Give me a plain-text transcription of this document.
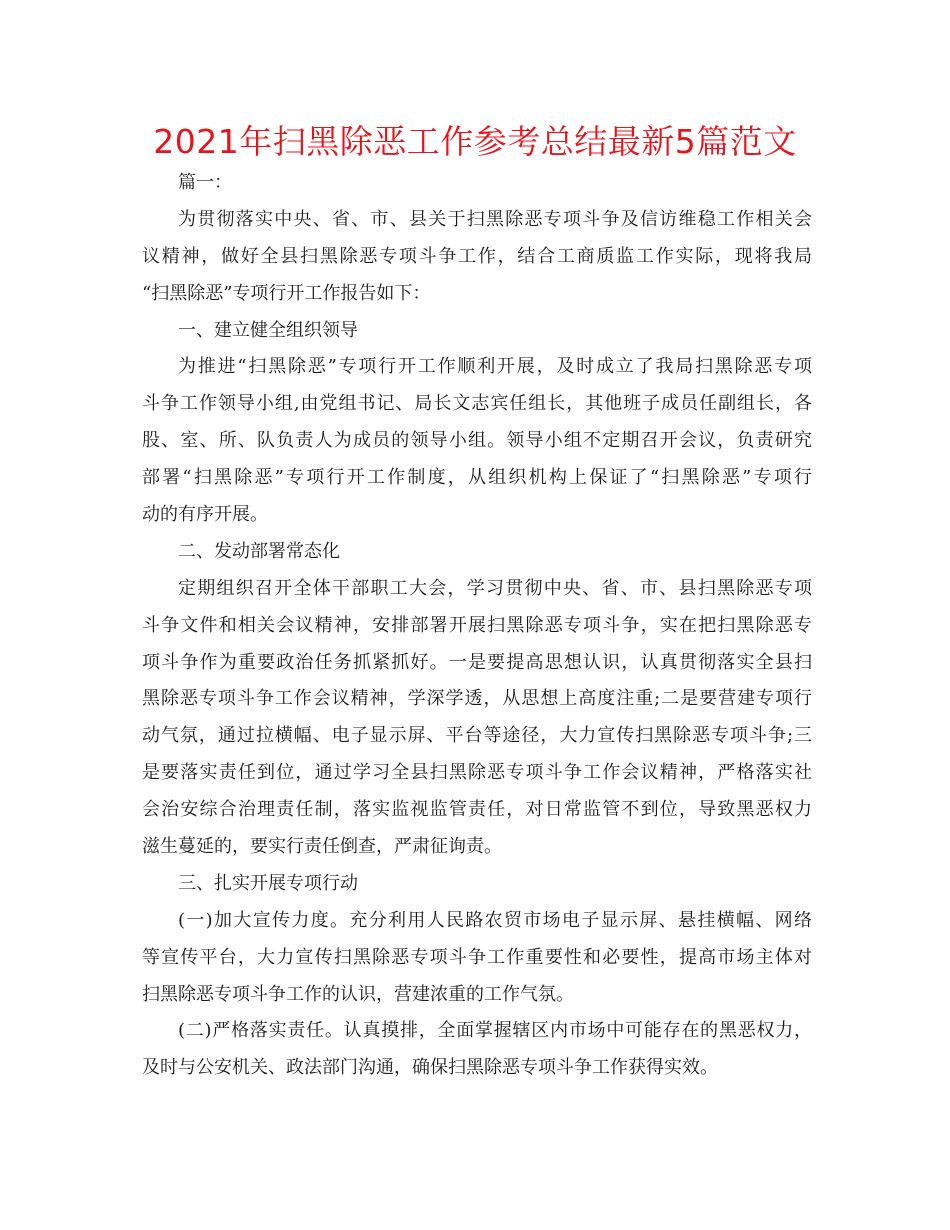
2021年扫黑除恶工作参考总结最新5篇范文
篇一：
为贯彻落实中央、省、市、县关于扫黑除恶专项斗争及信访维稳工作相关会
议精神，做好全县扫黑除恶专项斗争工作，结合工商质监工作实际，现将我局
“扫黑除恶”专项行开工作报告如下：
一、建立健全组织领导
为推进“扫黑除恶”专项行开工作顺利开展，及时成立了我局扫黑除恶专项
斗争工作领导小组,由党组书记、局长文志宾任组长，其他班子成员任副组长，各
股、室、所、队负责人为成员的领导小组。领导小组不定期召开会议，负责研究
部署“扫黑除恶”专项行开工作制度，从组织机构上保证了“扫黑除恶”专项行
动的有序开展。
二、发动部署常态化
定期组织召开全体干部职工大会，学习贯彻中央、省、市、县扫黑除恶专项
斗争文件和相关会议精神，安排部署开展扫黑除恶专项斗争，实在把扫黑除恶专
项斗争作为重要政治任务抓紧抓好。一是要提高思想认识，认真贯彻落实全县扫
黑除恶专项斗争工作会议精神，学深学透，从思想上高度注重;二是要营建专项行
动气氛，通过拉横幅、电子显示屏、平台等途径，大力宣传扫黑除恶专项斗争;三
是要落实责任到位，通过学习全县扫黑除恶专项斗争工作会议精神，严格落实社
会治安综合治理责任制，落实监视监管责任，对日常监管不到位，导致黑恶权力
滋生蔓延的，要实行责任倒查，严肃征询责。
三、扎实开展专项行动
(一)加大宣传力度。充分利用人民路农贸市场电子显示屏、悬挂横幅、网络
等宣传平台，大力宣传扫黑除恶专项斗争工作重要性和必要性，提高市场主体对
扫黑除恶专项斗争工作的认识，营建浓重的工作气氛。
(二)严格落实责任。认真摸排，全面掌握辖区内市场中可能存在的黑恶权力，
及时与公安机关、政法部门沟通，确保扫黑除恶专项斗争工作获得实效。
